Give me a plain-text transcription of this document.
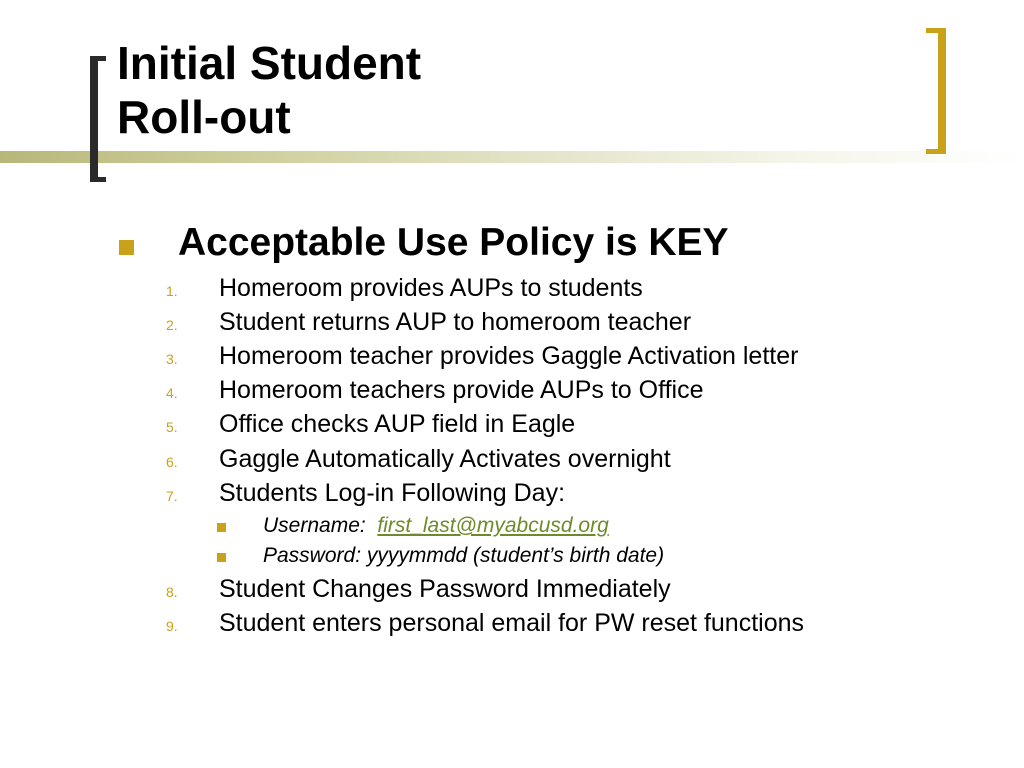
Initial Student
Roll-out
Acceptable Use Policy is KEY
1. Homeroom provides AUPs to students
2. Student returns AUP to homeroom teacher
3. Homeroom teacher provides Gaggle Activation letter
4. Homeroom teachers provide AUPs to Office
5. Office checks AUP field in Eagle
6. Gaggle Automatically Activates overnight
7. Students Log-in Following Day:
Username: first_last@myabcusd.org
Password: yyyymmdd (student’s birth date)
8. Student Changes Password Immediately
9. Student enters personal email for PW reset functions
